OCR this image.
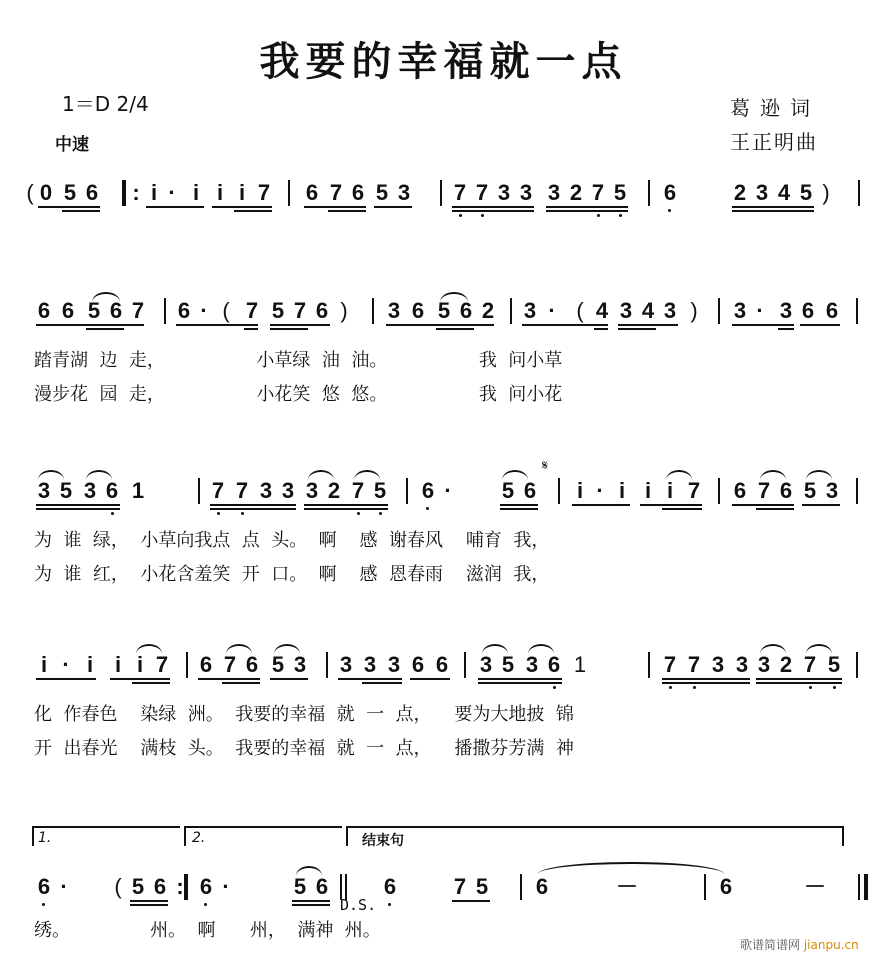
我要的幸福就一点
1＝D 2/4
中速
葛逊词
王正明曲
( 0 5 6 : i · i i i 7 6 7 6 5 3 7 7 3 3 3 2 7 5 6	2 3 4 5 )
6 6 5 6 7 6 · ( 7 5 7 6 ) 3 6 5 6 2 3 · ( 4 3 4 3 ) 3 · 3 6 6
踏青湖  边  走，                小草绿  油  油。                我  问小草
漫步花  园  走，                小花笑  悠  悠。                我  问小花
3 5 3 6 1	7 7 3 3 3 2 7 5 6 · 5 6
𝄋
i · i i i 7 6 7 6 5 3
为  谁  绿，  小草向我点  点  头。  啊    感  谢春风    哺育  我，
为  谁  红，  小花含羞笑  开  口。  啊    感  恩春雨    滋润  我，
i · i i i 7 6 7 6 5 3 3 3 3 6 6 3 5 3 6 1	7 7 3 3 3 2 7 5
化  作春色    染绿  洲。  我要的幸福  就  一  点，    要为大地披  锦
开  出春光    满枝  头。  我要的幸福  就  一  点，    播撒芬芳满  神
1.	2.	结束句
6 · ( 5 6 : 6 ·	5 6
D.S.
6	7 5 6	－	6	－
绣。              州。  啊      州，  满神  州。
歌谱简谱网 jianpu.cn
